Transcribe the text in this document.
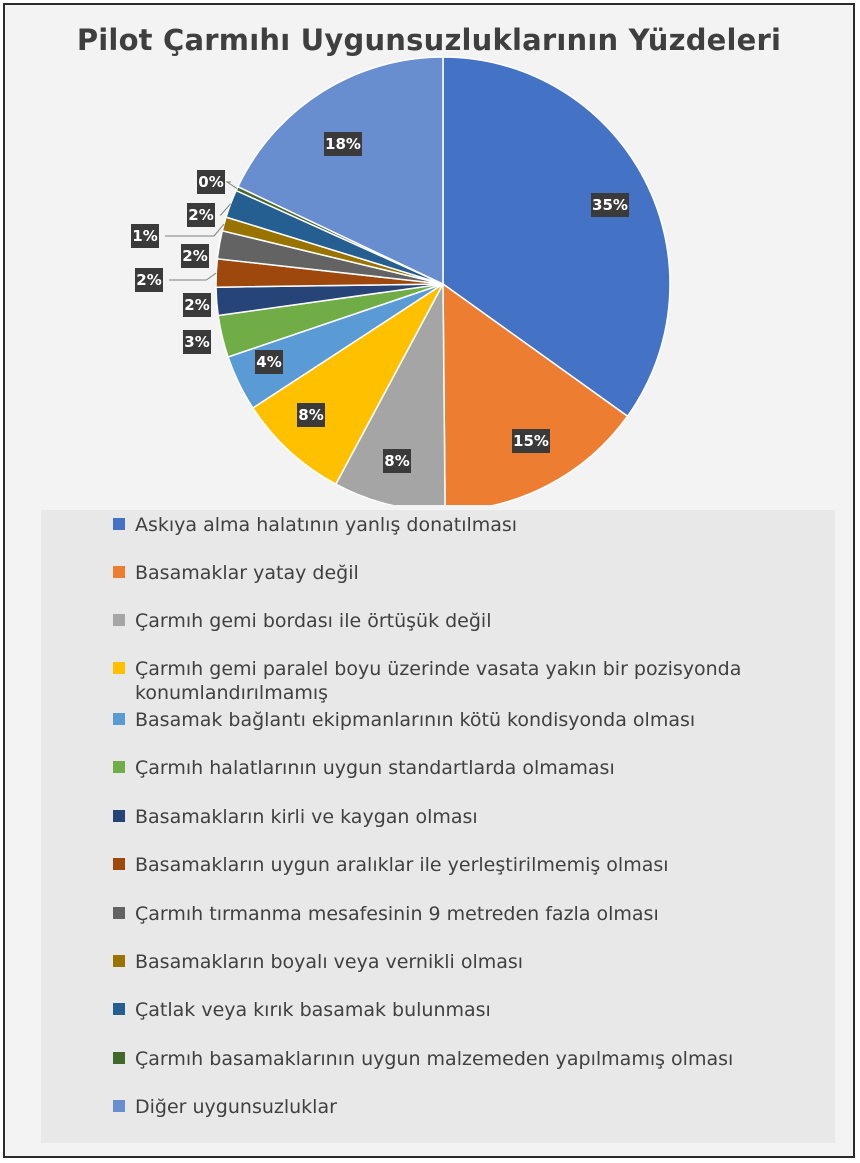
Pilot Çarmıhı Uygunsuzluklarının Yüzdeleri
35%
15%
8%
8%
4%
3%
2%
2%
2%
1%
2%
0%
18%
Askıya alma halatının yanlış donatılması
Basamaklar yatay değil
Çarmıh gemi bordası ile örtüşük değil
Çarmıh gemi paralel boyu üzerinde vasata yakın bir pozisyonda konumlandırılmamış
Basamak bağlantı ekipmanlarının kötü kondisyonda olması
Çarmıh halatlarının uygun standartlarda olmaması
Basamakların kirli ve kaygan olması
Basamakların uygun aralıklar ile yerleştirilmemiş olması
Çarmıh tırmanma mesafesinin 9 metreden fazla olması
Basamakların boyalı veya vernikli olması
Çatlak veya kırık basamak bulunması
Çarmıh basamaklarının uygun malzemeden yapılmamış olması
Diğer uygunsuzluklar
